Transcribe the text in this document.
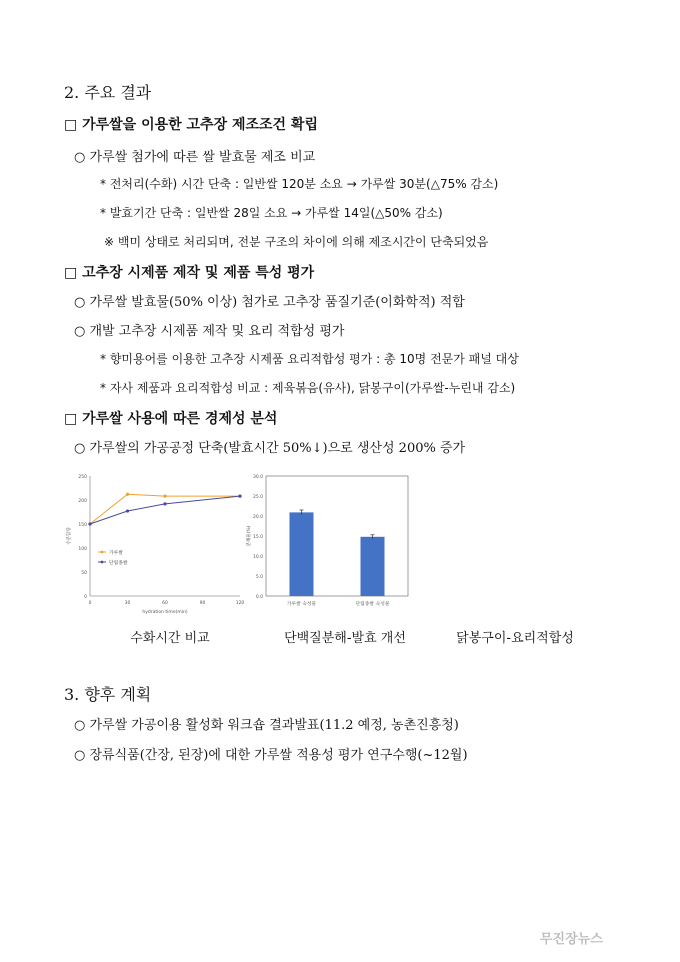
2. 주요 결과
□ 가루쌀을 이용한 고추장 제조조건 확립
○ 가루쌀 첨가에 따른 쌀 발효물 제조 비교
* 전처리(수화) 시간 단축 : 일반쌀 120분 소요 → 가루쌀 30분(△75% 감소)
* 발효기간 단축 : 일반쌀 28일 소요 → 가루쌀 14일(△50% 감소)
※ 백미 상태로 처리되며, 전분 구조의 차이에 의해 제조시간이 단축되었음
□ 고추장 시제품 제작 및 제품 특성 평가
○ 가루쌀 발효물(50% 이상) 첨가로 고추장 품질기준(이화학적) 적합
○ 개발 고추장 시제품 제작 및 요리 적합성 평가
* 향미용어를 이용한 고추장 시제품 요리적합성 평가 : 총 10명 전문가 패널 대상
* 자사 제품과 요리적합성 비교 : 제육볶음(유사), 닭봉구이(가루쌀-누린내 감소)
□ 가루쌀 사용에 따른 경제성 분석
○ 가루쌀의 가공공정 단축(발효시간 50%↓)으로 생산성 200% 증가
0
50
100
150
200
250
0	30	60	90	120
hydration time(min)
수분함량
가루쌀
단립종쌀
0.0
5.0
10.0
15.0
20.0
25.0
30.0
분해율(%)
가루쌀 숙성물	단립종쌀 숙성물
수화시간 비교	단백질분해-발효 개선	닭봉구이-요리적합성
3. 향후 계획
○ 가루쌀 가공이용 활성화 워크숍 결과발표(11.2 예정, 농촌진흥청)
○ 장류식품(간장, 된장)에 대한 가루쌀 적용성 평가 연구수행(~12월)
무진장뉴스
